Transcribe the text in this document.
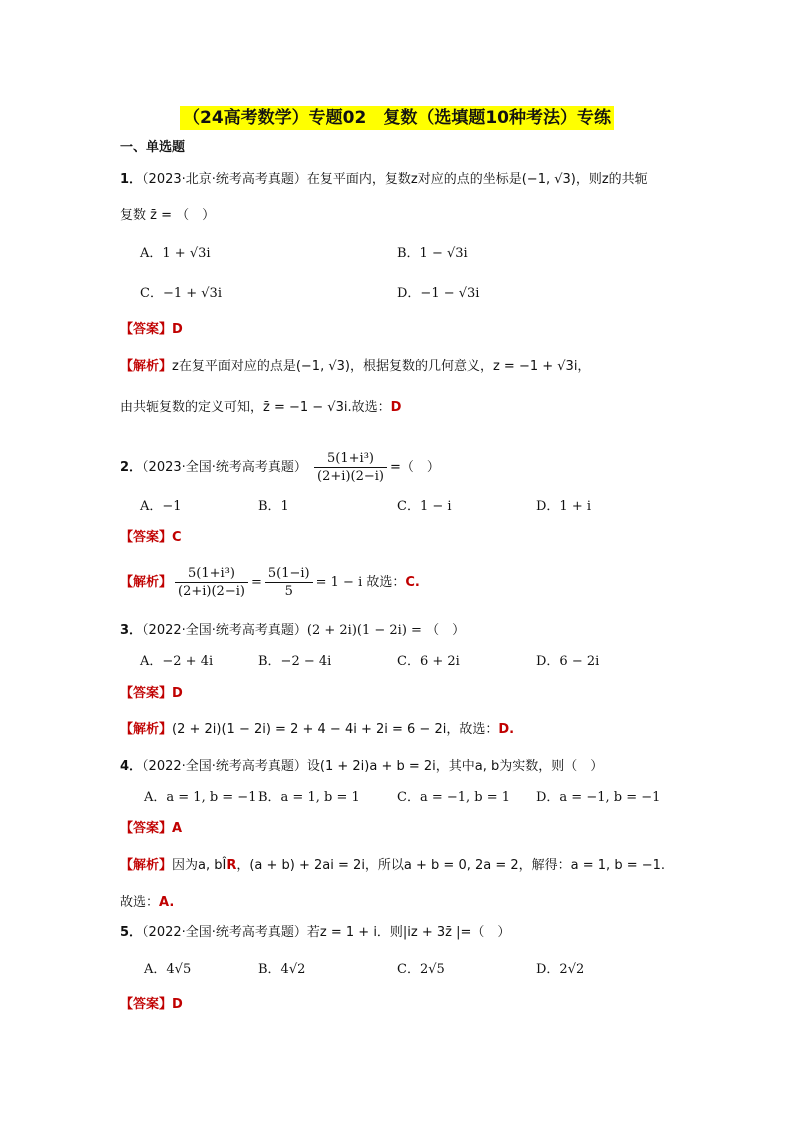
（24高考数学）专题02　复数（选填题10种考法）专练
一、单选题
1．（2023·北京·统考高考真题）在复平面内，复数z对应的点的坐标是(−1, √3)，则z的共轭
复数 z̄ = （　）
A．1 + √3i	B．1 − √3i
C．−1 + √3i	D．−1 − √3i
【答案】D
【解析】z在复平面对应的点是(−1, √3)，根据复数的几何意义，z = −1 + √3i，
由共轭复数的定义可知，z̄ = −1 − √3i.故选：D
2．（2023·全国·统考高考真题） $\frac{\text{5(1+i³)}}{(2+i)(2-i)}$ =（　）
A．−1	B．1	C．1 − i	D．1 + i
【答案】C
【解析】 $\frac{\text{5(1+i³)}}{(2+i)(2-i)} = \frac{5(1-i)}{5} = 1 - i$ 故选：C.
3．（2022·全国·统考高考真题）(2 + 2i)(1 − 2i) = （　）
A．−2 + 4i	B．−2 − 4i	C．6 + 2i	D．6 − 2i
【答案】D
【解析】(2 + 2i)(1 − 2i) = 2 + 4 − 4i + 2i = 6 − 2i，故选：D.
4．（2022·全国·统考高考真题）设(1 + 2i)a + b = 2i，其中a, b为实数，则（　）
A．a = 1, b = −1 B．a = 1, b = 1	C．a = −1, b = 1 D．a = −1, b = −1
【答案】A
【解析】因为a, bÎR，(a + b) + 2ai = 2i，所以a + b = 0, 2a = 2，解得：a = 1, b = −1.
故选：A.
5．（2022·全国·统考高考真题）若z = 1 + i．则|iz + 3z̄ |=（　）
A．4√5	B．4√2	C．2√5	D．2√2
【答案】D
